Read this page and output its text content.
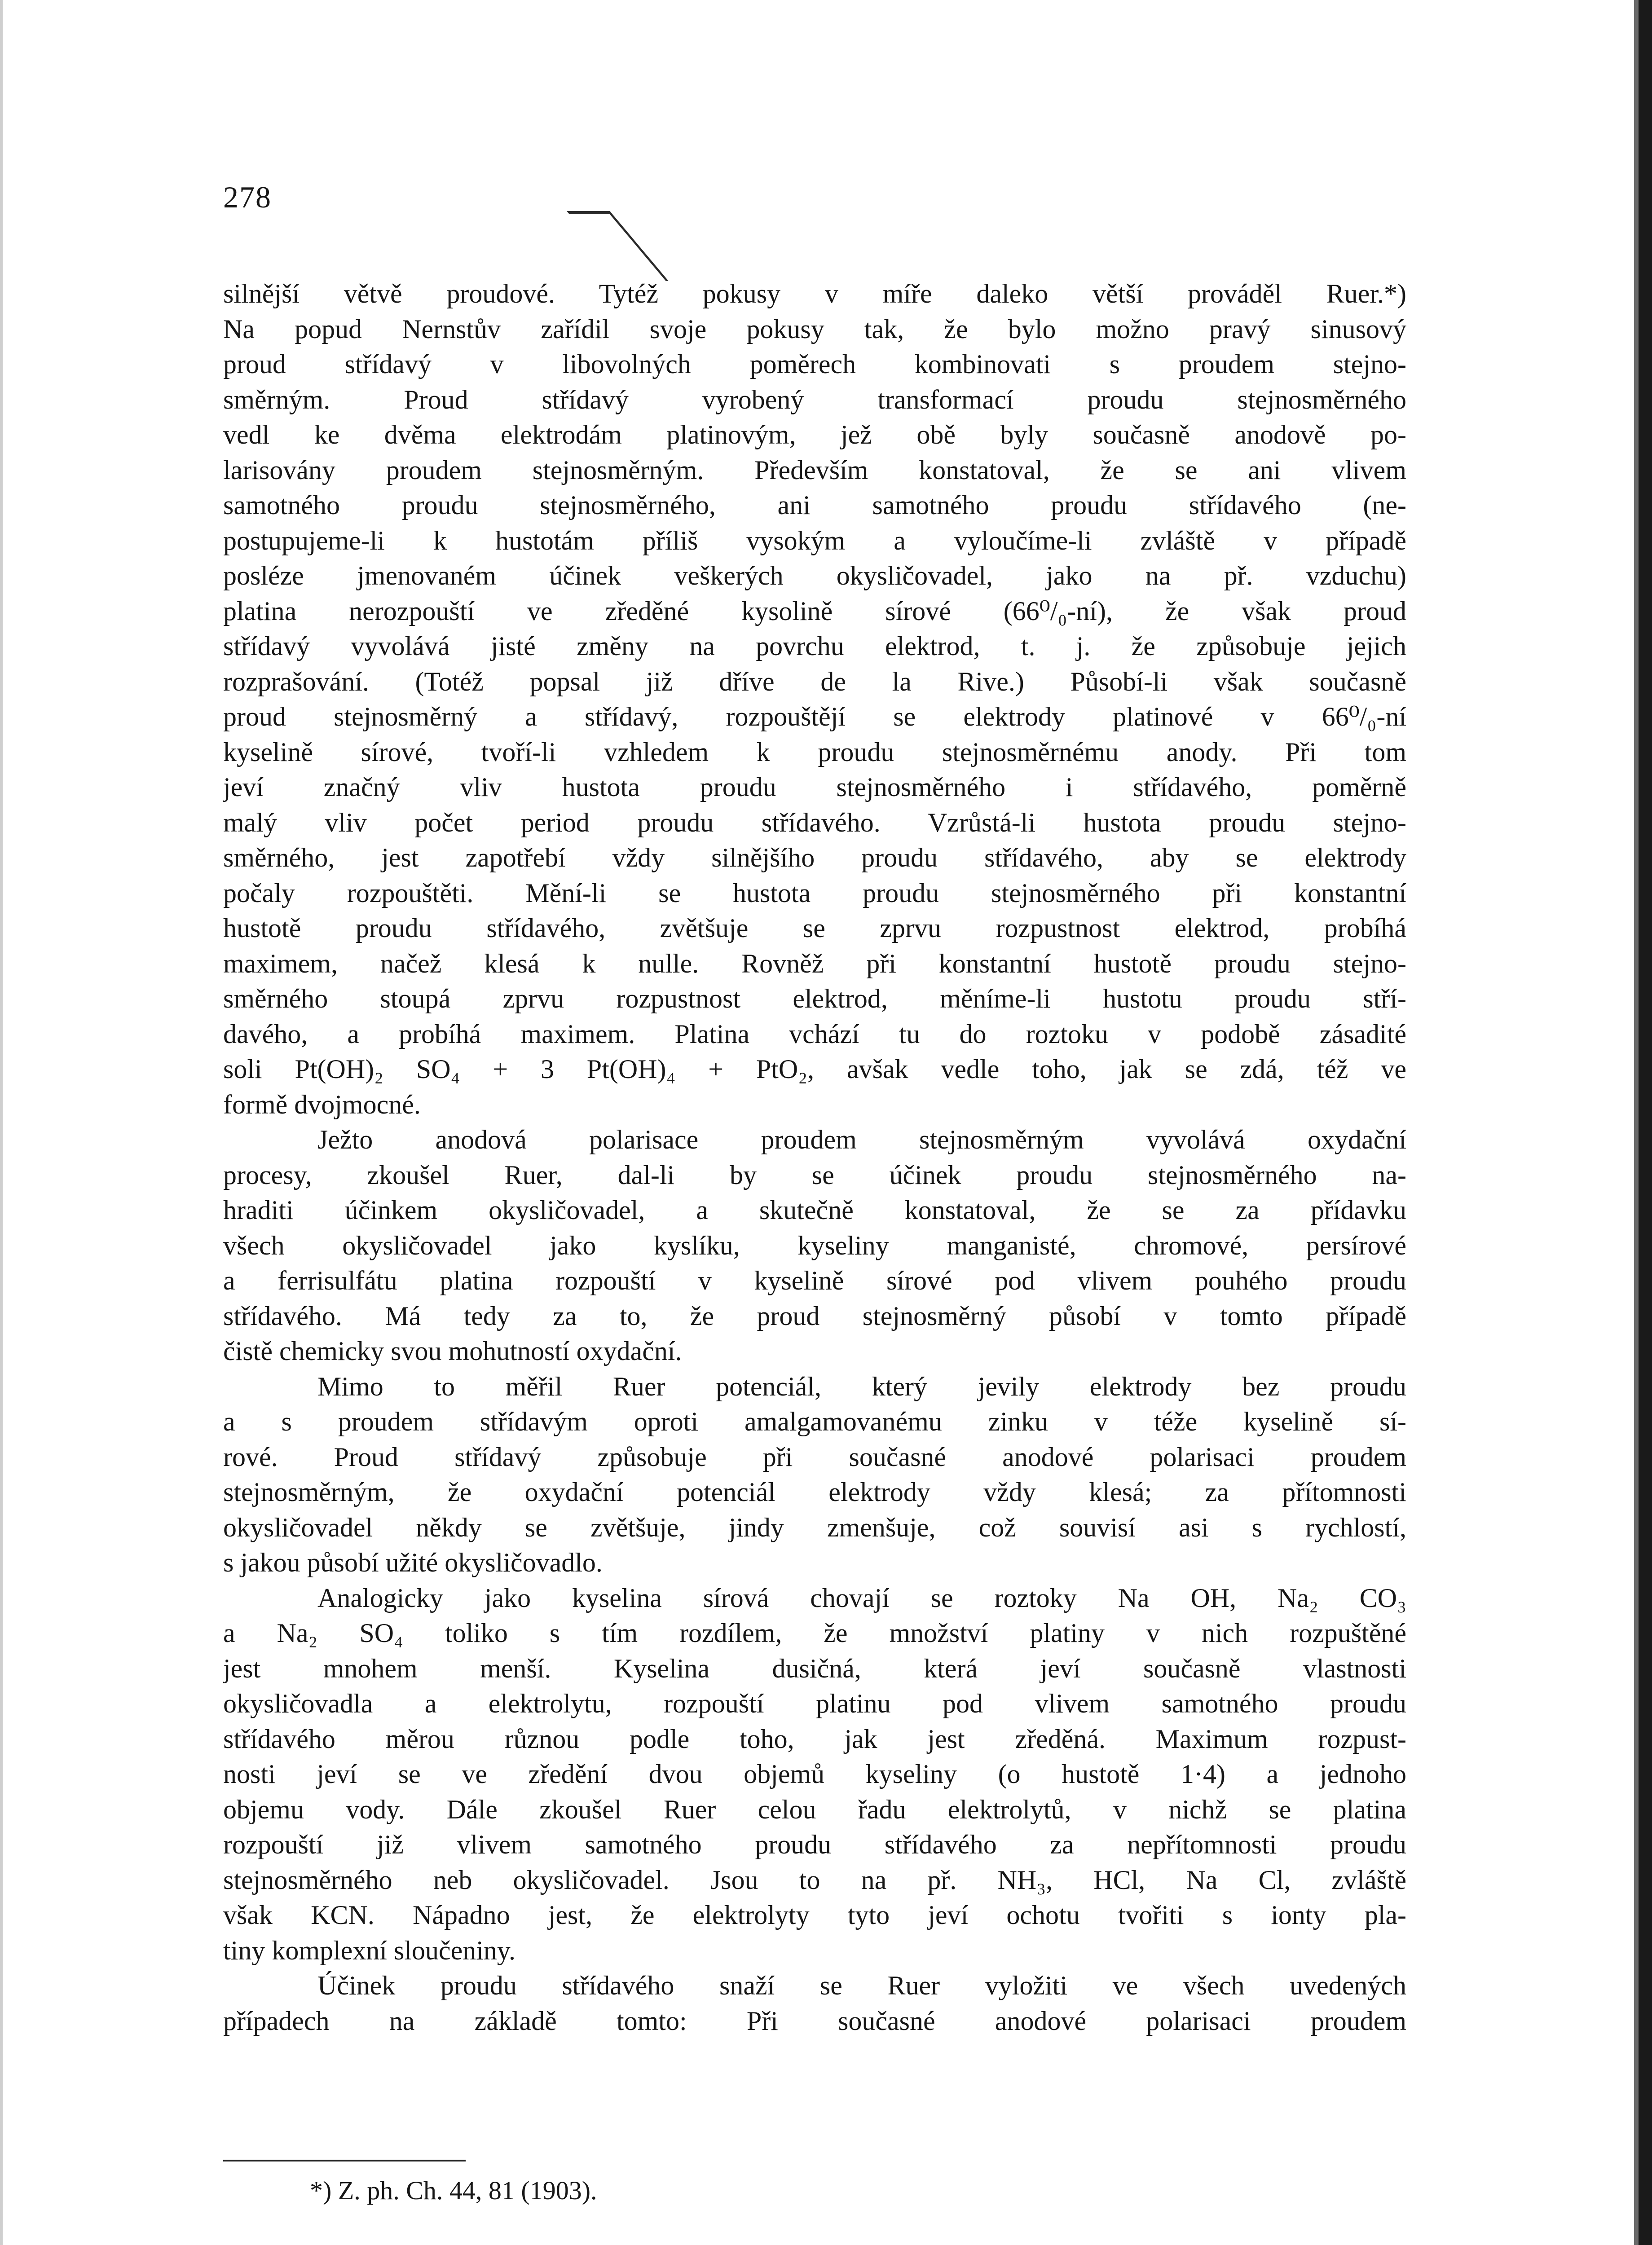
278
silnější větvě proudové. Tytéž pokusy v míře daleko větší prováděl Ruer.*)
Na popud Nernstův zařídil svoje pokusy tak, že bylo možno pravý sinusový
proud střídavý v libovolných poměrech kombinovati s proudem stejno-
směrným. Proud střídavý vyrobený transformací proudu stejnosměrného
vedl ke dvěma elektrodám platinovým, jež obě byly současně anodově po-
larisovány proudem stejnosměrným. Především konstatoval, že se ani vlivem
samotného proudu stejnosměrného, ani samotného proudu střídavého (ne-
postupujeme-li k hustotám příliš vysokým a vyloučíme-li zvláště v případě
posléze jmenovaném účinek veškerých okysličovadel, jako na př. vzduchu)
platina nerozpouští ve zředěné kysolině sírové (66⁰/₀-ní), že však proud
střídavý vyvolává jisté změny na povrchu elektrod, t. j. že způsobuje jejich
rozprašování. (Totéž popsal již dříve de la Rive.) Působí-li však současně
proud stejnosměrný a střídavý, rozpouštějí se elektrody platinové v 66⁰/₀-ní
kyselině sírové, tvoří-li vzhledem k proudu stejnosměrnému anody. Při tom
jeví značný vliv hustota proudu stejnosměrného i střídavého, poměrně
malý vliv počet period proudu střídavého. Vzrůstá-li hustota proudu stejno-
směrného, jest zapotřebí vždy silnějšího proudu střídavého, aby se elektrody
počaly rozpouštěti. Mění-li se hustota proudu stejnosměrného při konstantní
hustotě proudu střídavého, zvětšuje se zprvu rozpustnost elektrod, probíhá
maximem, načež klesá k nulle. Rovněž při konstantní hustotě proudu stejno-
směrného stoupá zprvu rozpustnost elektrod, měníme-li hustotu proudu stří-
davého, a probíhá maximem. Platina vchází tu do roztoku v podobě zásadité
soli Pt(OH)₂ SO₄ + 3 Pt(OH)₄ + PtO₂, avšak vedle toho, jak se zdá, též ve
formě dvojmocné.
Ježto anodová polarisace proudem stejnosměrným vyvolává oxydační
procesy, zkoušel Ruer, dal-li by se účinek proudu stejnosměrného na-
hraditi účinkem okysličovadel, a skutečně konstatoval, že se za přídavku
všech okysličovadel jako kyslíku, kyseliny manganisté, chromové, persírové
a ferrisulfátu platina rozpouští v kyselině sírové pod vlivem pouhého proudu
střídavého. Má tedy za to, že proud stejnosměrný působí v tomto případě
čistě chemicky svou mohutností oxydační.
Mimo to měřil Ruer potenciál, který jevily elektrody bez proudu
a s proudem střídavým oproti amalgamovanému zinku v téže kyselině sí-
rové. Proud střídavý způsobuje při současné anodové polarisaci proudem
stejnosměrným, že oxydační potenciál elektrody vždy klesá; za přítomnosti
okysličovadel někdy se zvětšuje, jindy zmenšuje, což souvisí asi s rychlostí,
s jakou působí užité okysličovadlo.
Analogicky jako kyselina sírová chovají se roztoky Na OH, Na₂ CO₃
a Na₂ SO₄ toliko s tím rozdílem, že množství platiny v nich rozpuštěné
jest mnohem menší. Kyselina dusičná, která jeví současně vlastnosti
okysličovadla a elektrolytu, rozpouští platinu pod vlivem samotného proudu
střídavého měrou různou podle toho, jak jest zředěná. Maximum rozpust-
nosti jeví se ve zředění dvou objemů kyseliny (o hustotě 1·4) a jednoho
objemu vody. Dále zkoušel Ruer celou řadu elektrolytů, v nichž se platina
rozpouští již vlivem samotného proudu střídavého za nepřítomnosti proudu
stejnosměrného neb okysličovadel. Jsou to na př. NH₃, HCl, Na Cl, zvláště
však KCN. Nápadno jest, že elektrolyty tyto jeví ochotu tvořiti s ionty pla-
tiny komplexní sloučeniny.
Účinek proudu střídavého snaží se Ruer vyložiti ve všech uvedených
případech na základě tomto: Při současné anodové polarisaci proudem
*) Z. ph. Ch. 44, 81 (1903).
